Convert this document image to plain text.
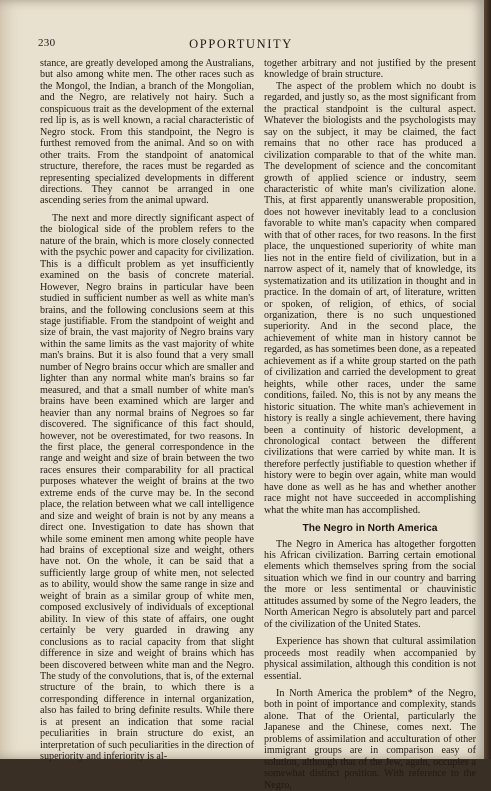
230	OPPORTUNITY

stance, are greatly developed among the Australians, but also among white men. The other races such as the Mongol, the Indian, a branch of the Mongolian, and the Negro, are relatively not hairy. Such a conspicuous trait as the development of the external red lip is, as is well known, a racial characteristic of Negro stock. From this standpoint, the Negro is furthest removed from the animal. And so on with other traits. From the standpoint of anatomical structure, therefore, the races must be regarded as representing specialized developments in different directions. They cannot be arranged in one ascending series from the animal upward.

The next and more directly significant aspect of the biological side of the problem refers to the nature of the brain, which is more closely connected with the psychic power and capacity for civilization. This is a difficult problem as yet insufficiently examined on the basis of concrete material. However, Negro brains in particular have been studied in sufficient number as well as white man's brains, and the following conclusions seem at this stage justifiable. From the standpoint of weight and size of brain, the vast majority of Negro brains vary within the same limits as the vast majority of white man's brains. But it is also found that a very small number of Negro brains occur which are smaller and lighter than any normal white man's brains so far measured, and that a small number of white man's brains have been examined which are larger and heavier than any normal brains of Negroes so far discovered. The significance of this fact should, however, not be overestimated, for two reasons. In the first place, the general correspondence in the range and weight and size of brain between the two races ensures their comparability for all practical purposes whatever the weight of brains at the two extreme ends of the curve may be. In the second place, the relation between what we call intelligence and size and weight of brain is not by any means a direct one. Investigation to date has shown that while some eminent men among white people have had brains of exceptional size and weight, others have not. On the whole, it can be said that a sufficiently large group of white men, not selected as to ability, would show the same range in size and weight of brain as a similar group of white men, composed exclusively of individuals of exceptional ability. In view of this state of affairs, one ought certainly be very guarded in drawing any conclusions as to racial capacity from that slight difference in size and weight of brains which has been discovered between white man and the Negro. The study of the convolutions, that is, of the external structure of the brain, to which there is a corresponding difference in internal organization, also has failed to bring definite results. While there is at present an indication that some racial peculiarities in brain structure do exist, an interpretation of such peculiarities in the direction of superiority and inferiority is al-

together arbitrary and not justified by the present knowledge of brain structure.

The aspect of the problem which no doubt is regarded, and justly so, as the most significant from the practical standpoint is the cultural aspect. Whatever the biologists and the psychologists may say on the subject, it may be claimed, the fact remains that no other race has produced a civilization comparable to that of the white man. The development of science and the concomitant growth of applied science or industry, seem characteristic of white man's civilization alone. This, at first apparently unanswerable proposition, does not however inevitably lead to a conclusion favorable to white man's capacity when compared with that of other races, for two reasons. In the first place, the unquestioned superiority of white man lies not in the entire field of civilization, but in a narrow aspect of it, namely that of knowledge, its systematization and its utilization in thought and in practice. In the domain of art, of literature, written or spoken, of religion, of ethics, of social organization, there is no such unquestioned superiority. And in the second place, the achievement of white man in history cannot be regarded, as has sometimes been done, as a repeated achievement as if a white group started on the path of civilization and carried the development to great heights, while other races, under the same conditions, failed. No, this is not by any means the historic situation. The white man's achievement in history is really a single achievement, there having been a continuity of historic development, a chronological contact between the different civilizations that were carried by white man. It is therefore perfectly justifiable to question whether if history were to begin over again, white man would have done as well as he has and whether another race might not have succeeded in accomplishing what the white man has accomplished.

The Negro in North America

The Negro in America has altogether forgotten his African civilization. Barring certain emotional elements which themselves spring from the social situation which we find in our country and barring the more or less sentimental or chauvinistic attitudes assumed by some of the Negro leaders, the North American Negro is absolutely part and parcel of the civilization of the United States.

Experience has shown that cultural assimilation proceeds most readily when accompanied by physical assimilation, although this condition is not essential.

In North America the problem* of the Negro, both in point of importance and complexity, stands alone. That of the Oriental, particularly the Japanese and the Chinese, comes next. The problems of assimilation and acculturation of other immigrant groups are in comparison easy of solution, although that of the Jew, again, occupies a somewhat distinct position. With reference to the Negro,
